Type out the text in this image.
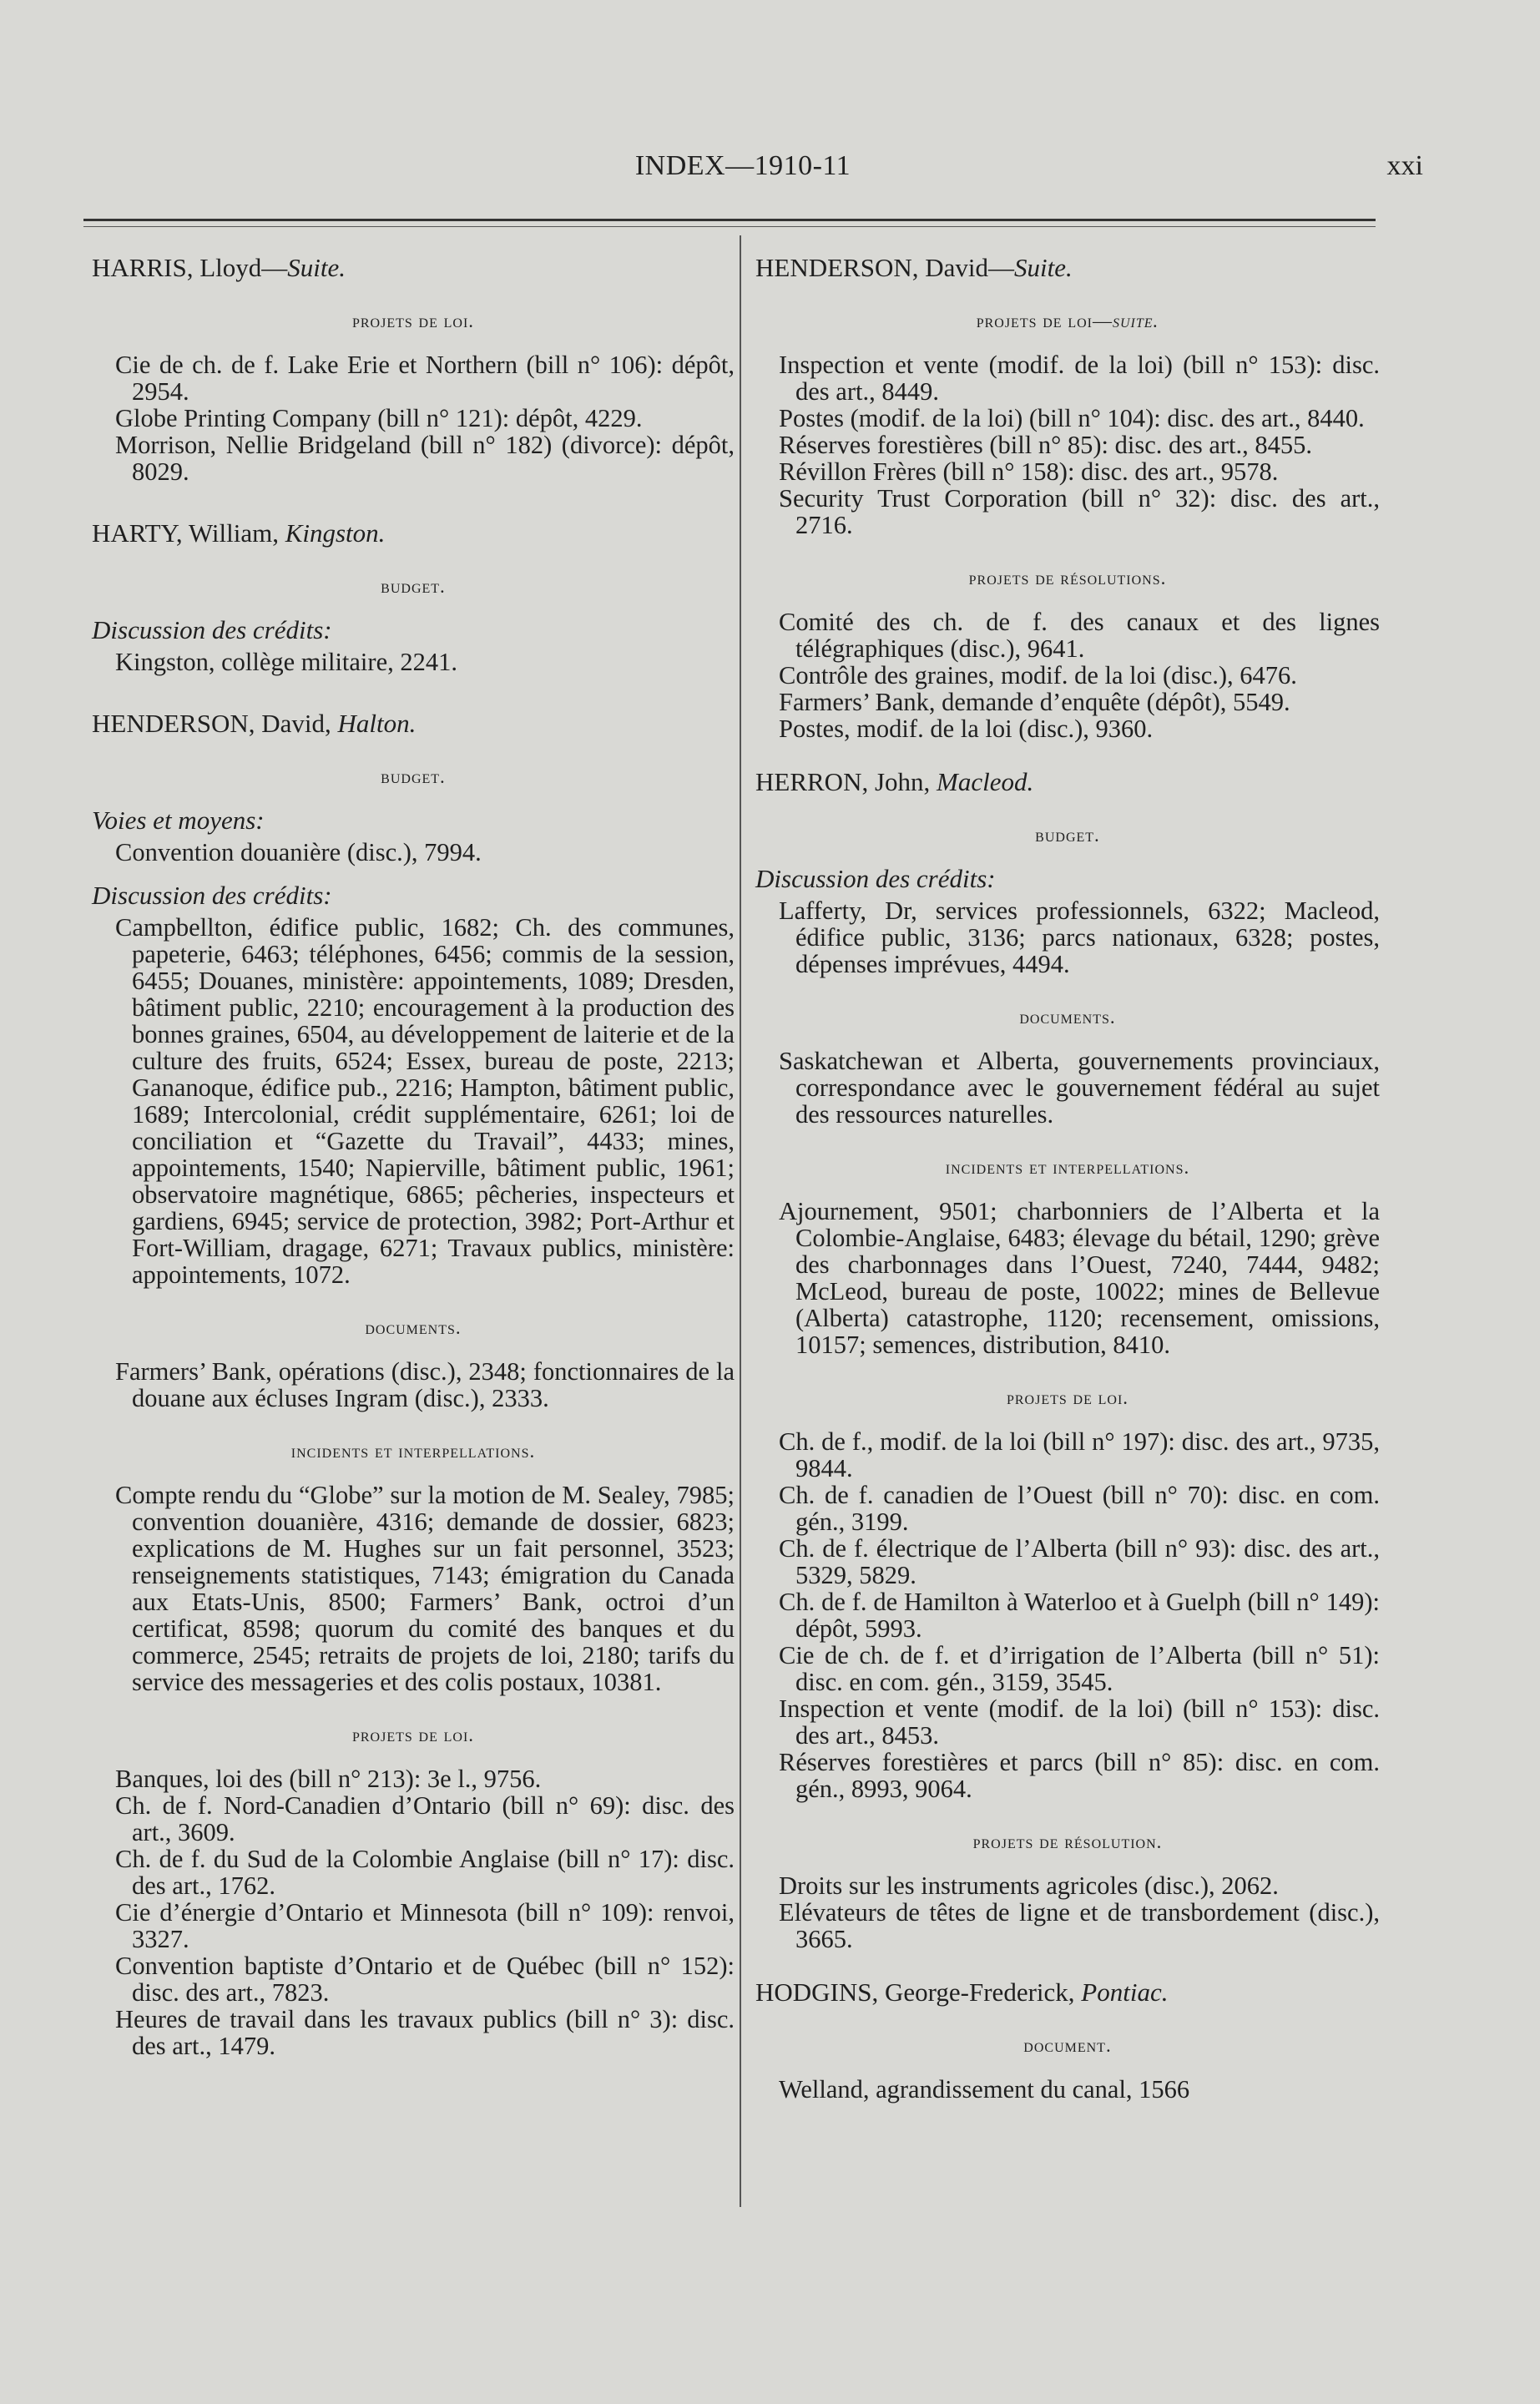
INDEX—1910-11	xxi

HARRIS, Lloyd—Suite.

projets de loi.

Cie de ch. de f. Lake Erie et Northern (bill n° 106): dépôt, 2954.

Globe Printing Company (bill n° 121): dépôt, 4229.

Morrison, Nellie Bridgeland (bill n° 182) (divorce): dépôt, 8029.

HARTY, William, Kingston.

budget.

Discussion des crédits:

Kingston, collège militaire, 2241.

HENDERSON, David, Halton.

budget.

Voies et moyens:

Convention douanière (disc.), 7994.

Discussion des crédits:

Campbellton, édifice public, 1682; Ch. des communes, papeterie, 6463; téléphones, 6456; commis de la session, 6455; Douanes, ministère: appointements, 1089; Dresden, bâtiment public, 2210; encouragement à la production des bonnes graines, 6504, au développement de laiterie et de la culture des fruits, 6524; Essex, bureau de poste, 2213; Gananoque, édifice pub., 2216; Hampton, bâtiment public, 1689; Intercolonial, crédit supplémentaire, 6261; loi de conciliation et “Gazette du Travail”, 4433; mines, appointements, 1540; Napierville, bâtiment public, 1961; observatoire magnétique, 6865; pêcheries, inspecteurs et gardiens, 6945; service de protection, 3982; Port-Arthur et Fort-William, dragage, 6271; Travaux publics, ministère: appointements, 1072.

documents.

Farmers’ Bank, opérations (disc.), 2348; fonctionnaires de la douane aux écluses Ingram (disc.), 2333.

incidents et interpellations.

Compte rendu du “Globe” sur la motion de M. Sealey, 7985; convention douanière, 4316; demande de dossier, 6823; explications de M. Hughes sur un fait personnel, 3523; renseignements statistiques, 7143; émigration du Canada aux Etats-Unis, 8500; Farmers’ Bank, octroi d’un certificat, 8598; quorum du comité des banques et du commerce, 2545; retraits de projets de loi, 2180; tarifs du service des messageries et des colis postaux, 10381.

projets de loi.

Banques, loi des (bill n° 213): 3e l., 9756.

Ch. de f. Nord-Canadien d’Ontario (bill n° 69): disc. des art., 3609.

Ch. de f. du Sud de la Colombie Anglaise (bill n° 17): disc. des art., 1762.

Cie d’énergie d’Ontario et Minnesota (bill n° 109): renvoi, 3327.

Convention baptiste d’Ontario et de Québec (bill n° 152): disc. des art., 7823.

Heures de travail dans les travaux publics (bill n° 3): disc. des art., 1479.

HENDERSON, David—Suite.

projets de loi—suite.

Inspection et vente (modif. de la loi) (bill n° 153): disc. des art., 8449.

Postes (modif. de la loi) (bill n° 104): disc. des art., 8440.

Réserves forestières (bill n° 85): disc. des art., 8455.

Révillon Frères (bill n° 158): disc. des art., 9578.

Security Trust Corporation (bill n° 32): disc. des art., 2716.

projets de résolutions.

Comité des ch. de f. des canaux et des lignes télégraphiques (disc.), 9641.

Contrôle des graines, modif. de la loi (disc.), 6476.

Farmers’ Bank, demande d’enquête (dépôt), 5549.

Postes, modif. de la loi (disc.), 9360.

HERRON, John, Macleod.

budget.

Discussion des crédits:

Lafferty, Dr, services professionnels, 6322; Macleod, édifice public, 3136; parcs nationaux, 6328; postes, dépenses imprévues, 4494.

documents.

Saskatchewan et Alberta, gouvernements provinciaux, correspondance avec le gouvernement fédéral au sujet des ressources naturelles.

incidents et interpellations.

Ajournement, 9501; charbonniers de l’Alberta et la Colombie-Anglaise, 6483; élevage du bétail, 1290; grève des charbonnages dans l’Ouest, 7240, 7444, 9482; McLeod, bureau de poste, 10022; mines de Bellevue (Alberta) catastrophe, 1120; recensement, omissions, 10157; semences, distribution, 8410.

projets de loi.

Ch. de f., modif. de la loi (bill n° 197): disc. des art., 9735, 9844.

Ch. de f. canadien de l’Ouest (bill n° 70): disc. en com. gén., 3199.

Ch. de f. électrique de l’Alberta (bill n° 93): disc. des art., 5329, 5829.

Ch. de f. de Hamilton à Waterloo et à Guelph (bill n° 149): dépôt, 5993.

Cie de ch. de f. et d’irrigation de l’Alberta (bill n° 51): disc. en com. gén., 3159, 3545.

Inspection et vente (modif. de la loi) (bill n° 153): disc. des art., 8453.

Réserves forestières et parcs (bill n° 85): disc. en com. gén., 8993, 9064.

projets de résolution.

Droits sur les instruments agricoles (disc.), 2062.

Elévateurs de têtes de ligne et de transbordement (disc.), 3665.

HODGINS, George-Frederick, Pontiac.

document.

Welland, agrandissement du canal, 1566
